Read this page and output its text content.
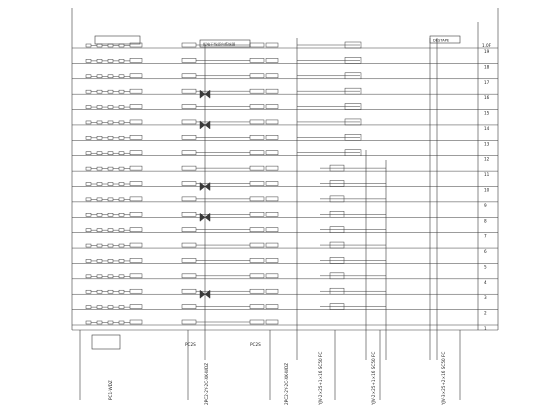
19
18
17
16
15
14
13
12
11
10
9
8
7
6
5
4
3
2
1
1.0F
配电干线竖向系统图
DESTAPE
PC2S	PC2S
PC1-WDZ	2PC2-2Y-2C-XK-WDZ	2PC2-2Y-2C-XK-WDZ	YJV-2×25+1×16 SC50 FC	YJV-2×25+1×16 SC50 FC	YJV-3×25+2×16 SC50 FC
